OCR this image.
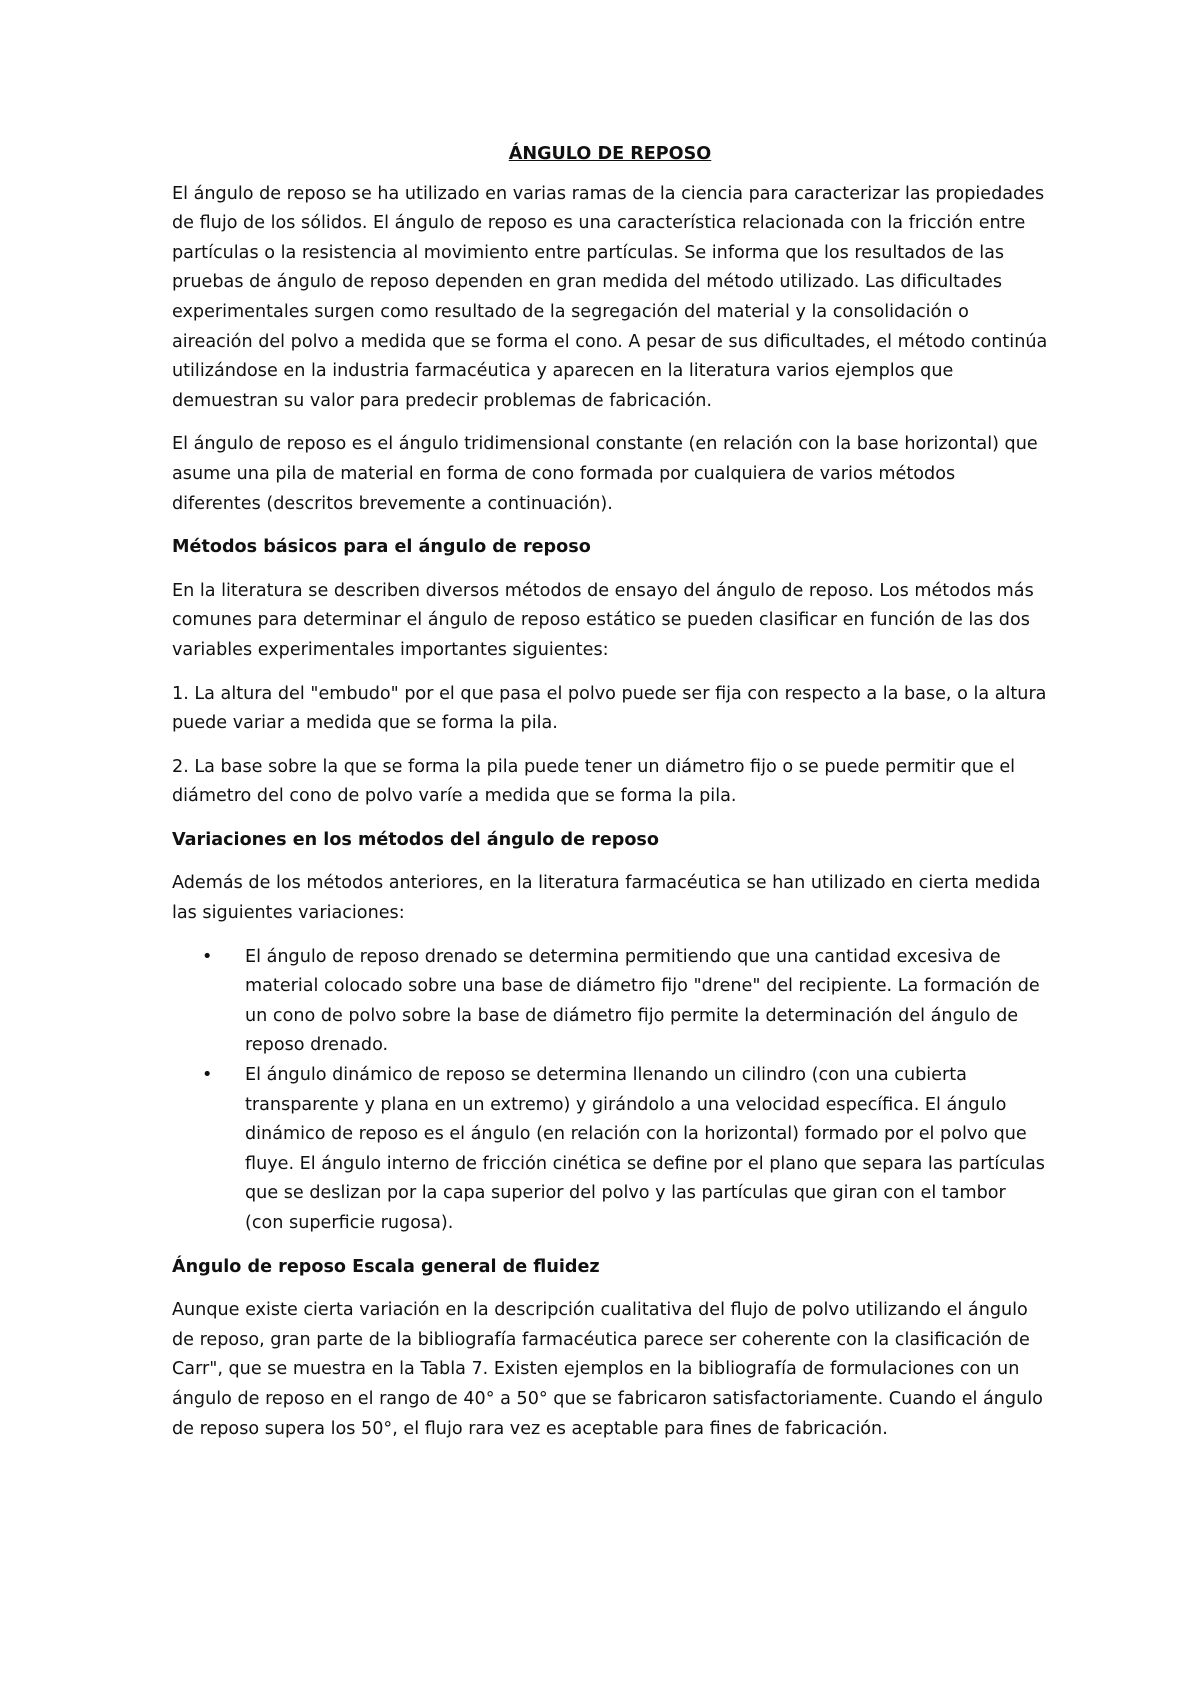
ÁNGULO DE REPOSO

El ángulo de reposo se ha utilizado en varias ramas de la ciencia para caracterizar las propiedades de flujo de los sólidos. El ángulo de reposo es una característica relacionada con la fricción entre partículas o la resistencia al movimiento entre partículas. Se informa que los resultados de las pruebas de ángulo de reposo dependen en gran medida del método utilizado. Las dificultades experimentales surgen como resultado de la segregación del material y la consolidación o aireación del polvo a medida que se forma el cono. A pesar de sus dificultades, el método continúa utilizándose en la industria farmacéutica y aparecen en la literatura varios ejemplos que demuestran su valor para predecir problemas de fabricación.

El ángulo de reposo es el ángulo tridimensional constante (en relación con la base horizontal) que asume una pila de material en forma de cono formada por cualquiera de varios métodos diferentes (descritos brevemente a continuación).

Métodos básicos para el ángulo de reposo

En la literatura se describen diversos métodos de ensayo del ángulo de reposo. Los métodos más comunes para determinar el ángulo de reposo estático se pueden clasificar en función de las dos variables experimentales importantes siguientes:

1. La altura del "embudo" por el que pasa el polvo puede ser fija con respecto a la base, o la altura puede variar a medida que se forma la pila.

2. La base sobre la que se forma la pila puede tener un diámetro fijo o se puede permitir que el diámetro del cono de polvo varíe a medida que se forma la pila.

Variaciones en los métodos del ángulo de reposo

Además de los métodos anteriores, en la literatura farmacéutica se han utilizado en cierta medida las siguientes variaciones:

• El ángulo de reposo drenado se determina permitiendo que una cantidad excesiva de material colocado sobre una base de diámetro fijo "drene" del recipiente. La formación de un cono de polvo sobre la base de diámetro fijo permite la determinación del ángulo de reposo drenado.
• El ángulo dinámico de reposo se determina llenando un cilindro (con una cubierta transparente y plana en un extremo) y girándolo a una velocidad específica. El ángulo dinámico de reposo es el ángulo (en relación con la horizontal) formado por el polvo que fluye. El ángulo interno de fricción cinética se define por el plano que separa las partículas que se deslizan por la capa superior del polvo y las partículas que giran con el tambor (con superficie rugosa).
Ángulo de reposo Escala general de fluidez

Aunque existe cierta variación en la descripción cualitativa del flujo de polvo utilizando el ángulo de reposo, gran parte de la bibliografía farmacéutica parece ser coherente con la clasificación de Carr", que se muestra en la Tabla 7. Existen ejemplos en la bibliografía de formulaciones con un ángulo de reposo en el rango de 40° a 50° que se fabricaron satisfactoriamente. Cuando el ángulo de reposo supera los 50°, el flujo rara vez es aceptable para fines de fabricación.
